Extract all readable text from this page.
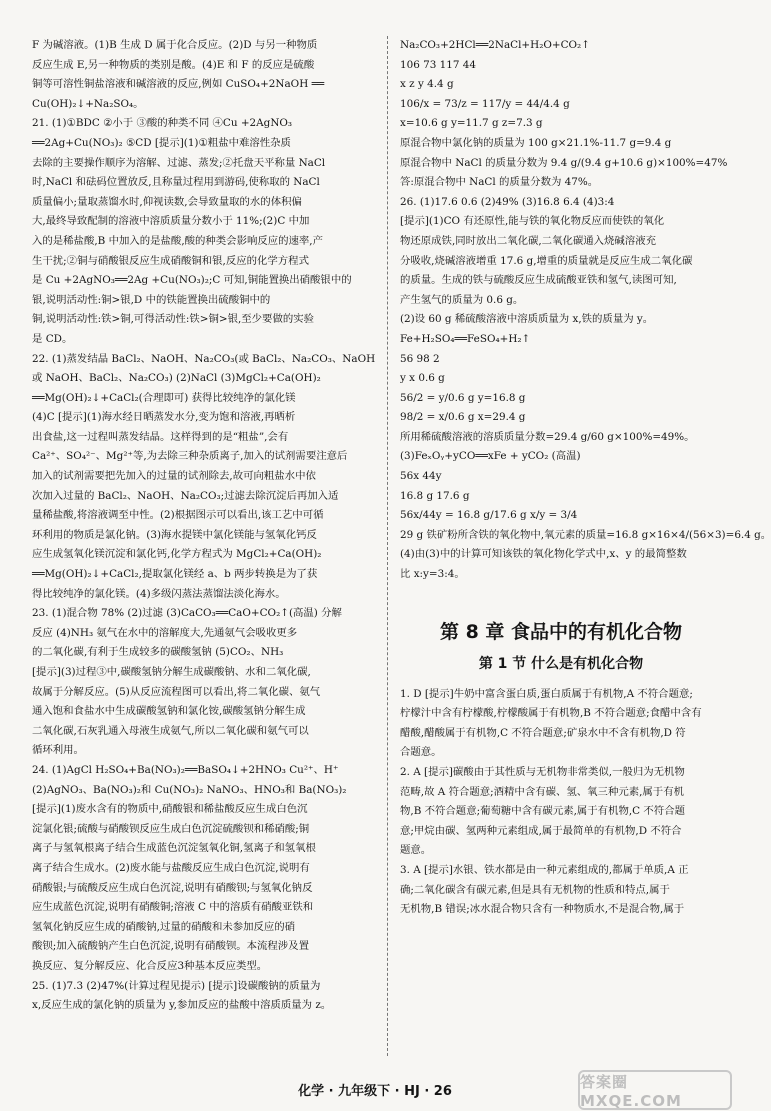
F 为碱溶液。(1)B 生成 D 属于化合反应。(2)D 与另一种物质
反应生成 E,另一种物质的类别是酸。(4)E 和 F 的反应是硫酸
铜等可溶性铜盐溶液和碱溶液的反应,例如 CuSO₄+2NaOH ══
Cu(OH)₂↓+Na₂SO₄。
21. (1)①BDC ②小于 ③酸的种类不同 ④Cu +2AgNO₃
══2Ag+Cu(NO₃)₂ ⑤CD [提示](1)①粗盐中难溶性杂质
去除的主要操作顺序为溶解、过滤、蒸发;②托盘天平称量 NaCl
时,NaCl 和砝码位置放反,且称量过程用到游码,使称取的 NaCl
质量偏小;量取蒸馏水时,仰视读数,会导致量取的水的体积偏
大,最终导致配制的溶液中溶质质量分数小于 11%;(2)C 中加
入的是稀盐酸,B 中加入的是盐酸,酸的种类会影响反应的速率,产
生干扰;②铜与硝酸银反应生成硝酸铜和银,反应的化学方程式
是 Cu +2AgNO₃══2Ag +Cu(NO₃)₂;C 可知,铜能置换出硝酸银中的
银,说明活动性:铜>银,D 中的铁能置换出硫酸铜中的
铜,说明活动性:铁>铜,可得活动性:铁>铜>银,至少要做的实验
是 CD。
22. (1)蒸发结晶 BaCl₂、NaOH、Na₂CO₃(或 BaCl₂、Na₂CO₃、NaOH
或 NaOH、BaCl₂、Na₂CO₃) (2)NaCl (3)MgCl₂+Ca(OH)₂
══Mg(OH)₂↓+CaCl₂(合理即可) 获得比较纯净的氯化镁
(4)C [提示](1)海水经日晒蒸发水分,变为饱和溶液,再晒析
出食盐,这一过程叫蒸发结晶。这样得到的是“粗盐”,会有
Ca²⁺、SO₄²⁻、Mg²⁺等,为去除三种杂质离子,加入的试剂需要注意后
加入的试剂需要把先加入的过量的试剂除去,故可向粗盐水中依
次加入过量的 BaCl₂、NaOH、Na₂CO₃;过滤去除沉淀后再加入适
量稀盐酸,将溶液调至中性。(2)根据图示可以看出,该工艺中可循
环利用的物质是氯化钠。(3)海水提镁中氯化镁能与氢氧化钙反
应生成氢氧化镁沉淀和氯化钙,化学方程式为 MgCl₂+Ca(OH)₂
══Mg(OH)₂↓+CaCl₂,提取氯化镁经 a、b 两步转换是为了获
得比较纯净的氯化镁。(4)多级闪蒸法蒸馏法淡化海水。
23. (1)混合物 78% (2)过滤 (3)CaCO₃══CaO+CO₂↑(高温) 分解
反应 (4)NH₃ 氨气在水中的溶解度大,先通氨气会吸收更多
的二氧化碳,有利于生成较多的碳酸氢钠 (5)CO₂、NH₃
[提示](3)过程③中,碳酸氢钠分解生成碳酸钠、水和二氧化碳,
故属于分解反应。(5)从反应流程图可以看出,将二氧化碳、氨气
通入饱和食盐水中生成碳酸氢钠和氯化铵,碳酸氢钠分解生成
二氧化碳,石灰乳通入母液生成氨气,所以二氧化碳和氨气可以
循环利用。
24. (1)AgCl H₂SO₄+Ba(NO₃)₂══BaSO₄↓+2HNO₃ Cu²⁺、H⁺
(2)AgNO₃、Ba(NO₃)₂和 Cu(NO₃)₂ NaNO₃、HNO₃和 Ba(NO₃)₂
[提示](1)废水含有的物质中,硝酸银和稀盐酸反应生成白色沉
淀氯化银;硫酸与硝酸钡反应生成白色沉淀硫酸钡和稀硝酸;铜
离子与氢氧根离子结合生成蓝色沉淀氢氧化铜,氢离子和氢氧根
离子结合生成水。(2)废水能与盐酸反应生成白色沉淀,说明有
硝酸银;与硫酸反应生成白色沉淀,说明有硝酸钡;与氢氧化钠反
应生成蓝色沉淀,说明有硝酸铜;溶液 C 中的溶质有硝酸亚铁和
氢氧化钠反应生成的硝酸钠,过量的硝酸和未参加反应的硝
酸钡;加入硫酸钠产生白色沉淀,说明有硝酸钡。本流程涉及置
换反应、复分解反应、化合反应3种基本反应类型。
25. (1)7.3 (2)47%(计算过程见提示) [提示]设碳酸钠的质量为
x,反应生成的氯化钠的质量为 y,参加反应的盐酸中溶质质量为 z。
Na₂CO₃+2HCl══2NaCl+H₂O+CO₂↑
106 73 117 44
x z y 4.4 g
106/x = 73/z = 117/y = 44/4.4 g
x=10.6 g y=11.7 g z=7.3 g
原混合物中氯化钠的质量为 100 g×21.1%-11.7 g=9.4 g
原混合物中 NaCl 的质量分数为 9.4 g/(9.4 g+10.6 g)×100%=47%
答:原混合物中 NaCl 的质量分数为 47%。
26. (1)17.6 0.6 (2)49% (3)16.8 6.4 (4)3:4
[提示](1)CO 有还原性,能与铁的氧化物反应而使铁的氧化
物还原成铁,同时放出二氧化碳,二氧化碳通入烧碱溶液充
分吸收,烧碱溶液增重 17.6 g,增重的质量就是反应生成二氧化碳
的质量。生成的铁与硫酸反应生成硫酸亚铁和氢气,读图可知,
产生氢气的质量为 0.6 g。
(2)设 60 g 稀硫酸溶液中溶质质量为 x,铁的质量为 y。
Fe+H₂SO₄══FeSO₄+H₂↑
56 98 2
y x 0.6 g
56/2 = y/0.6 g y=16.8 g
98/2 = x/0.6 g x=29.4 g
所用稀硫酸溶液的溶质质量分数=29.4 g/60 g×100%=49%。
(3)FeₓOᵧ+yCO══xFe + yCO₂ (高温)
56x 44y
16.8 g 17.6 g
56x/44y = 16.8 g/17.6 g x/y = 3/4
29 g 铁矿粉所含铁的氧化物中,氧元素的质量=16.8 g×16×4/(56×3)=6.4 g。
(4)由(3)中的计算可知该铁的氧化物化学式中,x、y 的最简整数
比 x:y=3:4。
第 8 章 食品中的有机化合物
第 1 节 什么是有机化合物
1. D [提示]牛奶中富含蛋白质,蛋白质属于有机物,A 不符合题意;
柠檬汁中含有柠檬酸,柠檬酸属于有机物,B 不符合题意;食醋中含有
醋酸,醋酸属于有机物,C 不符合题意;矿泉水中不含有机物,D 符
合题意。
2. A [提示]碳酸由于其性质与无机物非常类似,一般归为无机物
范畴,故 A 符合题意;酒精中含有碳、氢、氧三种元素,属于有机
物,B 不符合题意;葡萄糖中含有碳元素,属于有机物,C 不符合题
意;甲烷由碳、氢两种元素组成,属于最简单的有机物,D 不符合
题意。
3. A [提示]水银、铁水都是由一种元素组成的,都属于单质,A 正
确;二氧化碳含有碳元素,但是具有无机物的性质和特点,属于
无机物,B 错误;冰水混合物只含有一种物质水,不是混合物,属于
化学 · 九年级下 · HJ · 26
答案圈 MXQE.COM
